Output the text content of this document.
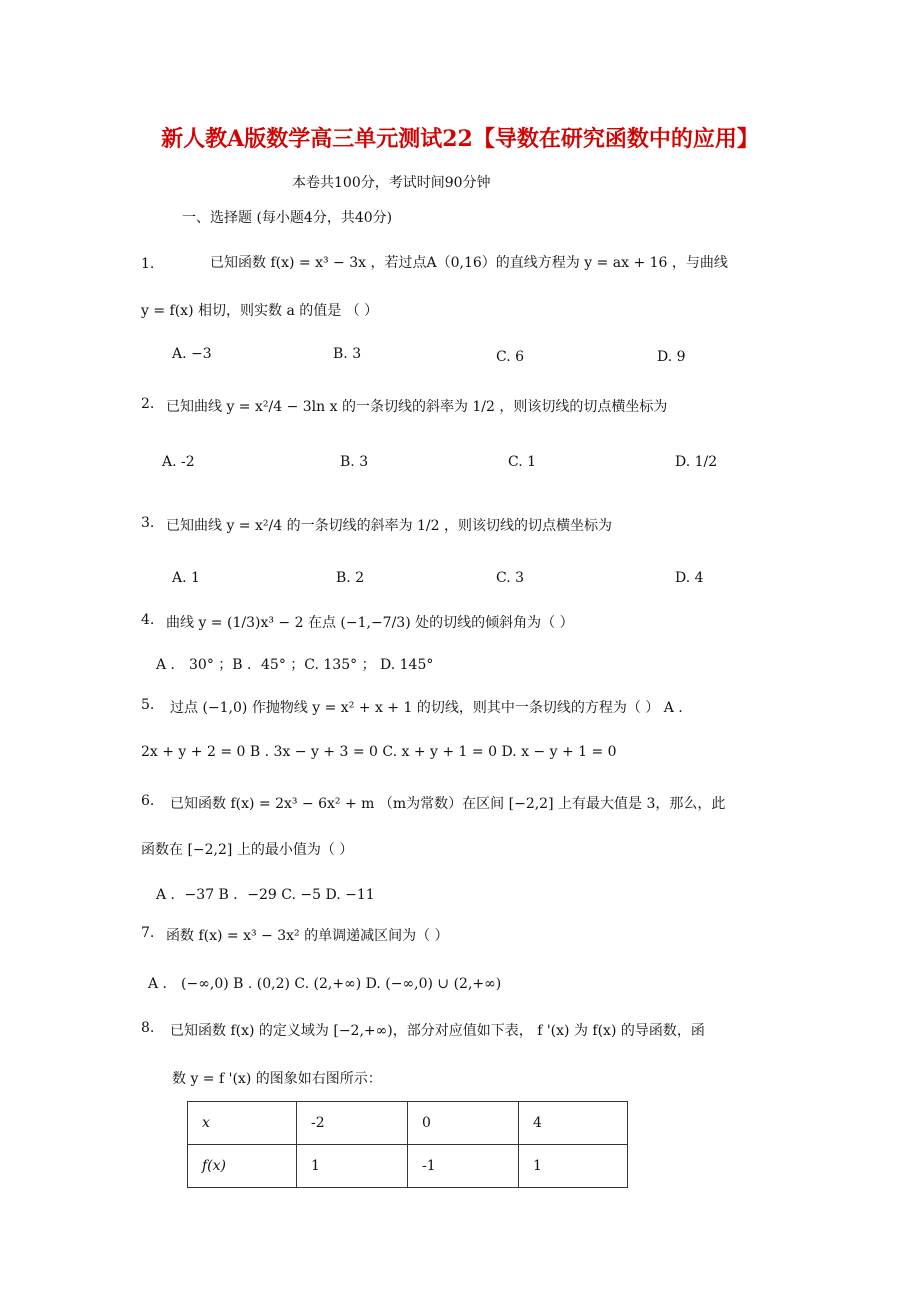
新人教A版数学高三单元测试22【导数在研究函数中的应用】
本卷共100分，考试时间90分钟
一、选择题 (每小题4分，共40分)
1.	已知函数 f(x) = x³ − 3x ，若过点A（0,16）的直线方程为 y = ax + 16 ，与曲线
y = f(x) 相切，则实数 a 的值是 （ ）
A. −3	B. 3	C. 6	D. 9
2. 已知曲线 y = x²/4 − 3ln x 的一条切线的斜率为 1/2 ，则该切线的切点横坐标为
A. -2	B. 3	C. 1	D. 1/2
3. 已知曲线 y = x²/4 的一条切线的斜率为 1/2 ，则该切线的切点横坐标为
A. 1	B. 2	C. 3	D. 4
4. 曲线 y = (1/3)x³ − 2 在点 (−1,−7/3) 处的切线的倾斜角为（ ）
A ． 30° ；B ．45° ；C. 135° ； D. 145°
5. 过点 (−1,0) 作抛物线 y = x² + x + 1 的切线，则其中一条切线的方程为（ ） A .
2x + y + 2 = 0 B . 3x − y + 3 = 0 C. x + y + 1 = 0 D. x − y + 1 = 0
6. 已知函数 f(x) = 2x³ − 6x² + m （m为常数）在区间 [−2,2] 上有最大值是 3，那么，此
函数在 [−2,2] 上的最小值为（ ）
A ．−37 B ．−29 C. −5 D. −11
7. 函数 f(x) = x³ − 3x² 的单调递减区间为（ ）
A ． (−∞,0) B . (0,2) C. (2,+∞) D. (−∞,0) ∪ (2,+∞)
8. 已知函数 f(x) 的定义域为 [−2,+∞)，部分对应值如下表， f '(x) 为 f(x) 的导函数，函
数 y = f '(x) 的图象如右图所示：
x	-2	0	4
f(x)	1	-1	1
